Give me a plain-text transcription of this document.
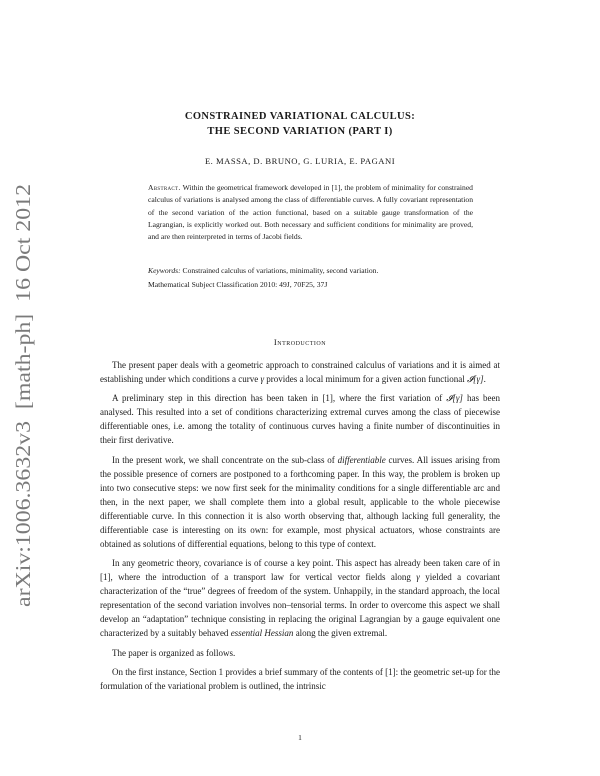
arXiv:1006.3632v3  [math-ph]  16 Oct 2012
CONSTRAINED VARIATIONAL CALCULUS:
THE SECOND VARIATION (PART I)
E. MASSA, D. BRUNO, G. LURIA, E. PAGANI
Abstract. Within the geometrical framework developed in [1], the problem of minimality for constrained calculus of variations is analysed among the class of differentiable curves. A fully covariant representation of the second variation of the action functional, based on a suitable gauge transformation of the Lagrangian, is explicitly worked out. Both necessary and sufficient conditions for minimality are proved, and are then reinterpreted in terms of Jacobi fields.
Keywords: Constrained calculus of variations, minimality, second variation.
Mathematical Subject Classification 2010: 49J, 70F25, 37J
Introduction

The present paper deals with a geometric approach to constrained calculus of variations and it is aimed at establishing under which conditions a curve γ provides a local minimum for a given action functional 𝓘[γ].

A preliminary step in this direction has been taken in [1], where the first variation of 𝓘[γ] has been analysed. This resulted into a set of conditions characterizing extremal curves among the class of piecewise differentiable ones, i.e. among the totality of continuous curves having a finite number of discontinuities in their first derivative.

In the present work, we shall concentrate on the sub-class of differentiable curves. All issues arising from the possible presence of corners are postponed to a forthcoming paper. In this way, the problem is broken up into two consecutive steps: we now first seek for the minimality conditions for a single differentiable arc and then, in the next paper, we shall complete them into a global result, applicable to the whole piecewise differentiable curve. In this connection it is also worth observing that, although lacking full generality, the differentiable case is interesting on its own: for example, most physical actuators, whose constraints are obtained as solutions of differential equations, belong to this type of context.

In any geometric theory, covariance is of course a key point. This aspect has already been taken care of in [1], where the introduction of a transport law for vertical vector fields along γ yielded a covariant characterization of the “true” degrees of freedom of the system. Unhappily, in the standard approach, the local representation of the second variation involves non–tensorial terms. In order to overcome this aspect we shall develop an “adaptation” technique consisting in replacing the original Lagrangian by a gauge equivalent one characterized by a suitably behaved essential Hessian along the given extremal.

The paper is organized as follows.

On the first instance, Section 1 provides a brief summary of the contents of [1]: the geometric set-up for the formulation of the variational problem is outlined, the intrinsic

1
